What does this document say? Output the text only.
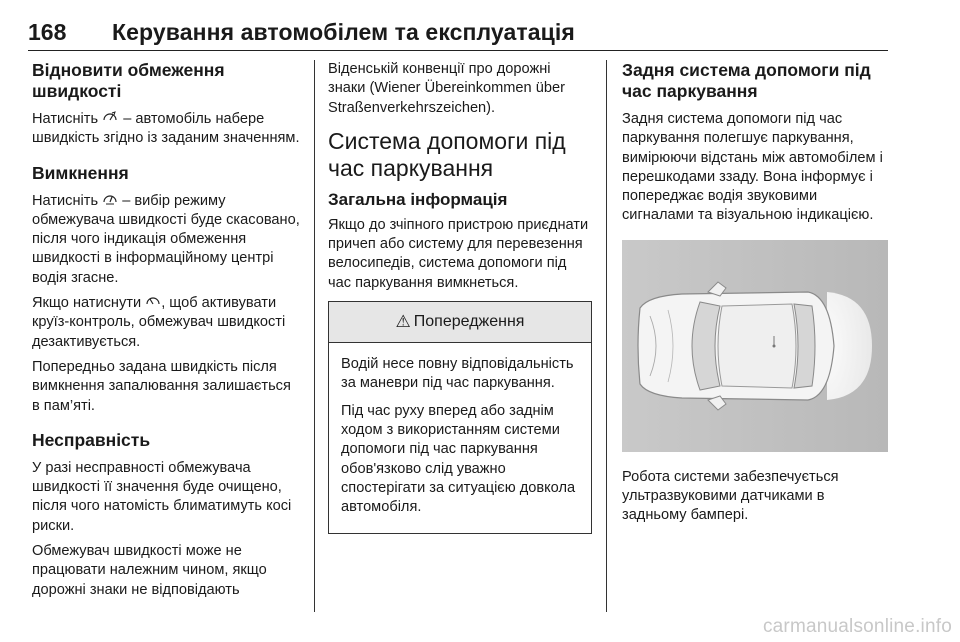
168	Керування автомобілем та експлуатація
Відновити обмеження швидкості

Натисніть – автомобіль набере швидкість згідно із заданим значенням.

Вимкнення

Натисніть – вибір режиму обмежувача швидкості буде скасовано, після чого індикація обмеження швидкості в інформаційному центрі водія згасне.

Якщо натиснути , щоб активувати круїз-контроль, обмежувач швидкості дезактивується.

Попередньо задана швидкість після вимкнення запалювання залишається в пам’яті.

Несправність

У разі несправності обмежувача швидкості її значення буде очищено, після чого натомість блиматимуть косі риски.

Обмежувач швидкості може не працювати належним чином, якщо дорожні знаки не відповідають

Віденській конвенції про дорожні знаки (Wiener Übereinkommen über Straßenverkehrszeichen).

Система допомоги під час паркування
Загальна інформація

Якщо до зчіпного пристрою приєднати причеп або систему для перевезення велосипедів, система допомоги під час паркування вимкнеться.

⚠ Попередження

Водій несе повну відповідальність за маневри під час паркування.

Під час руху вперед або заднім ходом з використанням системи допомоги під час паркування обов'язково слід уважно спостерігати за ситуацією довкола автомобіля.

Задня система допомоги під час паркування

Задня система допомоги під час паркування полегшує паркування, вимірюючи відстань між автомобілем і перешкодами ззаду. Вона інформує і попереджає водія звуковими сигналами та візуальною індикацією.

Робота системи забезпечується ультразвуковими датчиками в задньому бампері.

carmanualsonline.info
